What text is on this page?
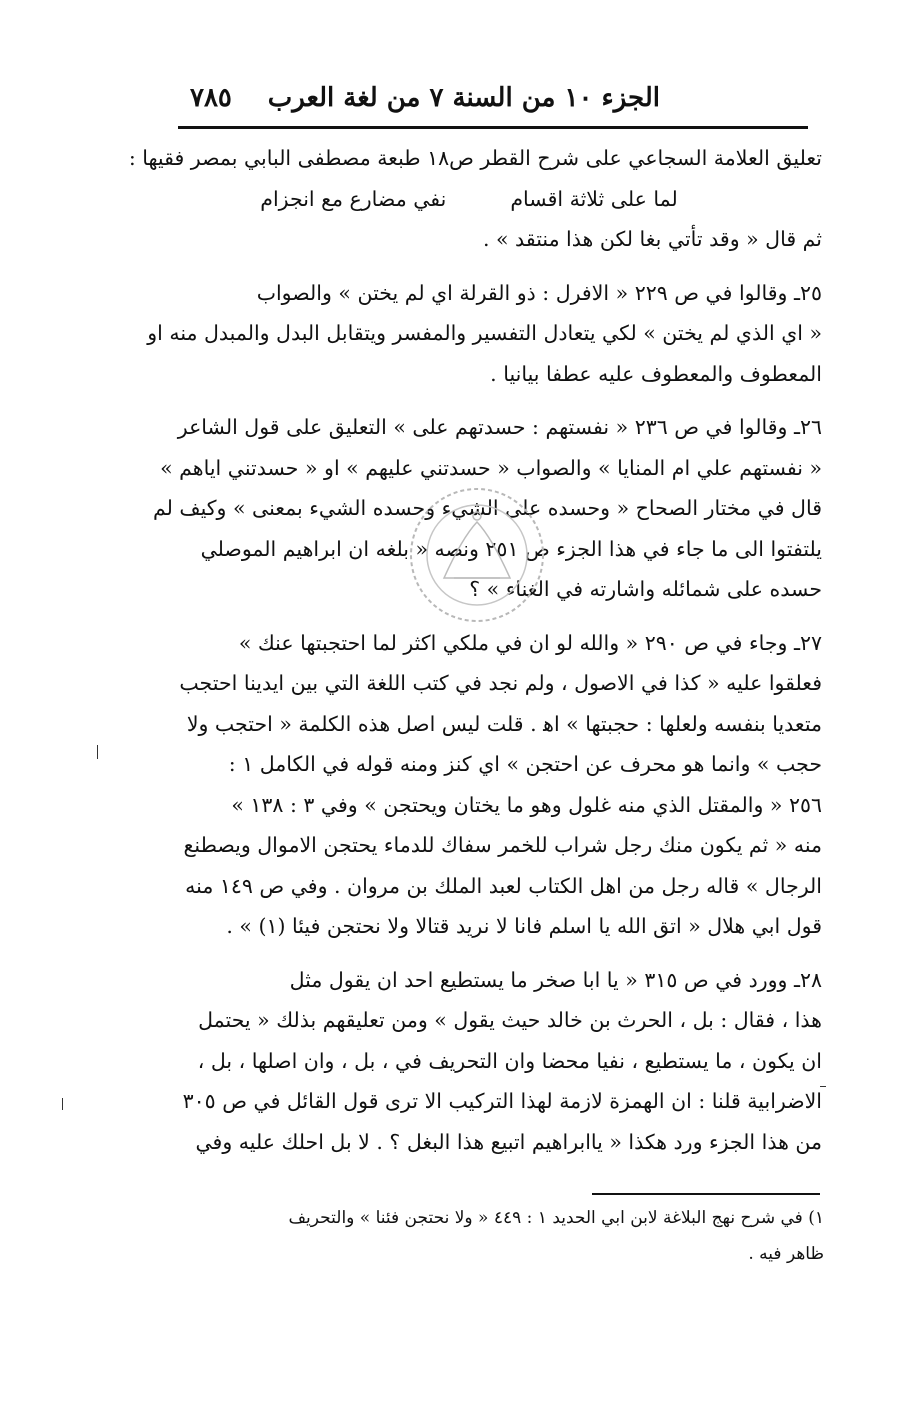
الجزء ١٠ من السنة ٧ من لغة العرب
٧٨٥

تعليق العلامة السجاعي على شرح القطر ص١٨ طبعة مصطفى البابي بمصر فقيها :

لما على ثلاثة اقسام
نفي مضارع مع انجزام

ثم قال « وقد تأتي بغا لكن هذا منتقد » .

٢٥ـ وقالوا في ص ٢٢٩ « الافرل : ذو القرلة اي لم يختن » والصواب

« اي الذي لم يختن » لكي يتعادل التفسير والمفسر ويتقابل البدل والمبدل منه او

المعطوف والمعطوف عليه عطفا بيانيا .

٢٦ـ وقالوا في ص ٢٣٦ « نفستهم : حسدتهم على » التعليق على قول الشاعر

« نفستهم علي ام المنايا » والصواب « حسدتني عليهم » او « حسدتني اياهم »

قال في مختار الصحاح « وحسده على الشيء وحسده الشيء بمعنى » وكيف لم

يلتفتوا الى ما جاء في هذا الجزء ص ٢٥١ ونصه « بلغه ان ابراهيم الموصلي

حسده على شمائله واشارته في الغناء » ؟

٢٧ـ وجاء في ص ٢٩٠ « والله لو ان في ملكي اكثر لما احتجبتها عنك »

فعلقوا عليه « كذا في الاصول ، ولم نجد في كتب اللغة التي بين ايدينا احتجب

متعديا بنفسه ولعلها : حجبتها » اﻫ . قلت ليس اصل هذه الكلمة « احتجب ولا

حجب » وانما هو محرف عن احتجن » اي كنز ومنه قوله في الكامل ١ :

٢٥٦ « والمقتل الذي منه غلول وهو ما يختان ويحتجن » وفي ٣ : ١٣٨ »

منه « ثم يكون منك رجل شراب للخمر سفاك للدماء يحتجن الاموال ويصطنع

الرجال » قاله رجل من اهل الكتاب لعبد الملك بن مروان . وفي ص ١٤٩ منه

قول ابي هلال « اتق الله يا اسلم فانا لا نريد قتالا ولا نحتجن فيئا (١) » .

٢٨ـ وورد في ص ٣١٥ « يا ابا صخر ما يستطيع احد ان يقول مثل

هذا ، فقال : بل ، الحرث بن خالد حيث يقول » ومن تعليقهم بذلك « يحتمل

ان يكون ، ما يستطيع ، نفيا محضا وان التحريف في ، بل ، وان اصلها ، بل ،

الاضرابية قلنا : ان الهمزة لازمة لهذا التركيب الا ترى قول القائل في ص ٣٠٥

من هذا الجزء ورد هكذا « ياابراهيم اتبيع هذا البغل ؟ . لا بل احلك عليه وفي

١) في شرح نهج البلاغة لابن ابي الحديد ١ : ٤٤٩ « ولا نحتجن فئنا » والتحريف

ظاهر فيه .
